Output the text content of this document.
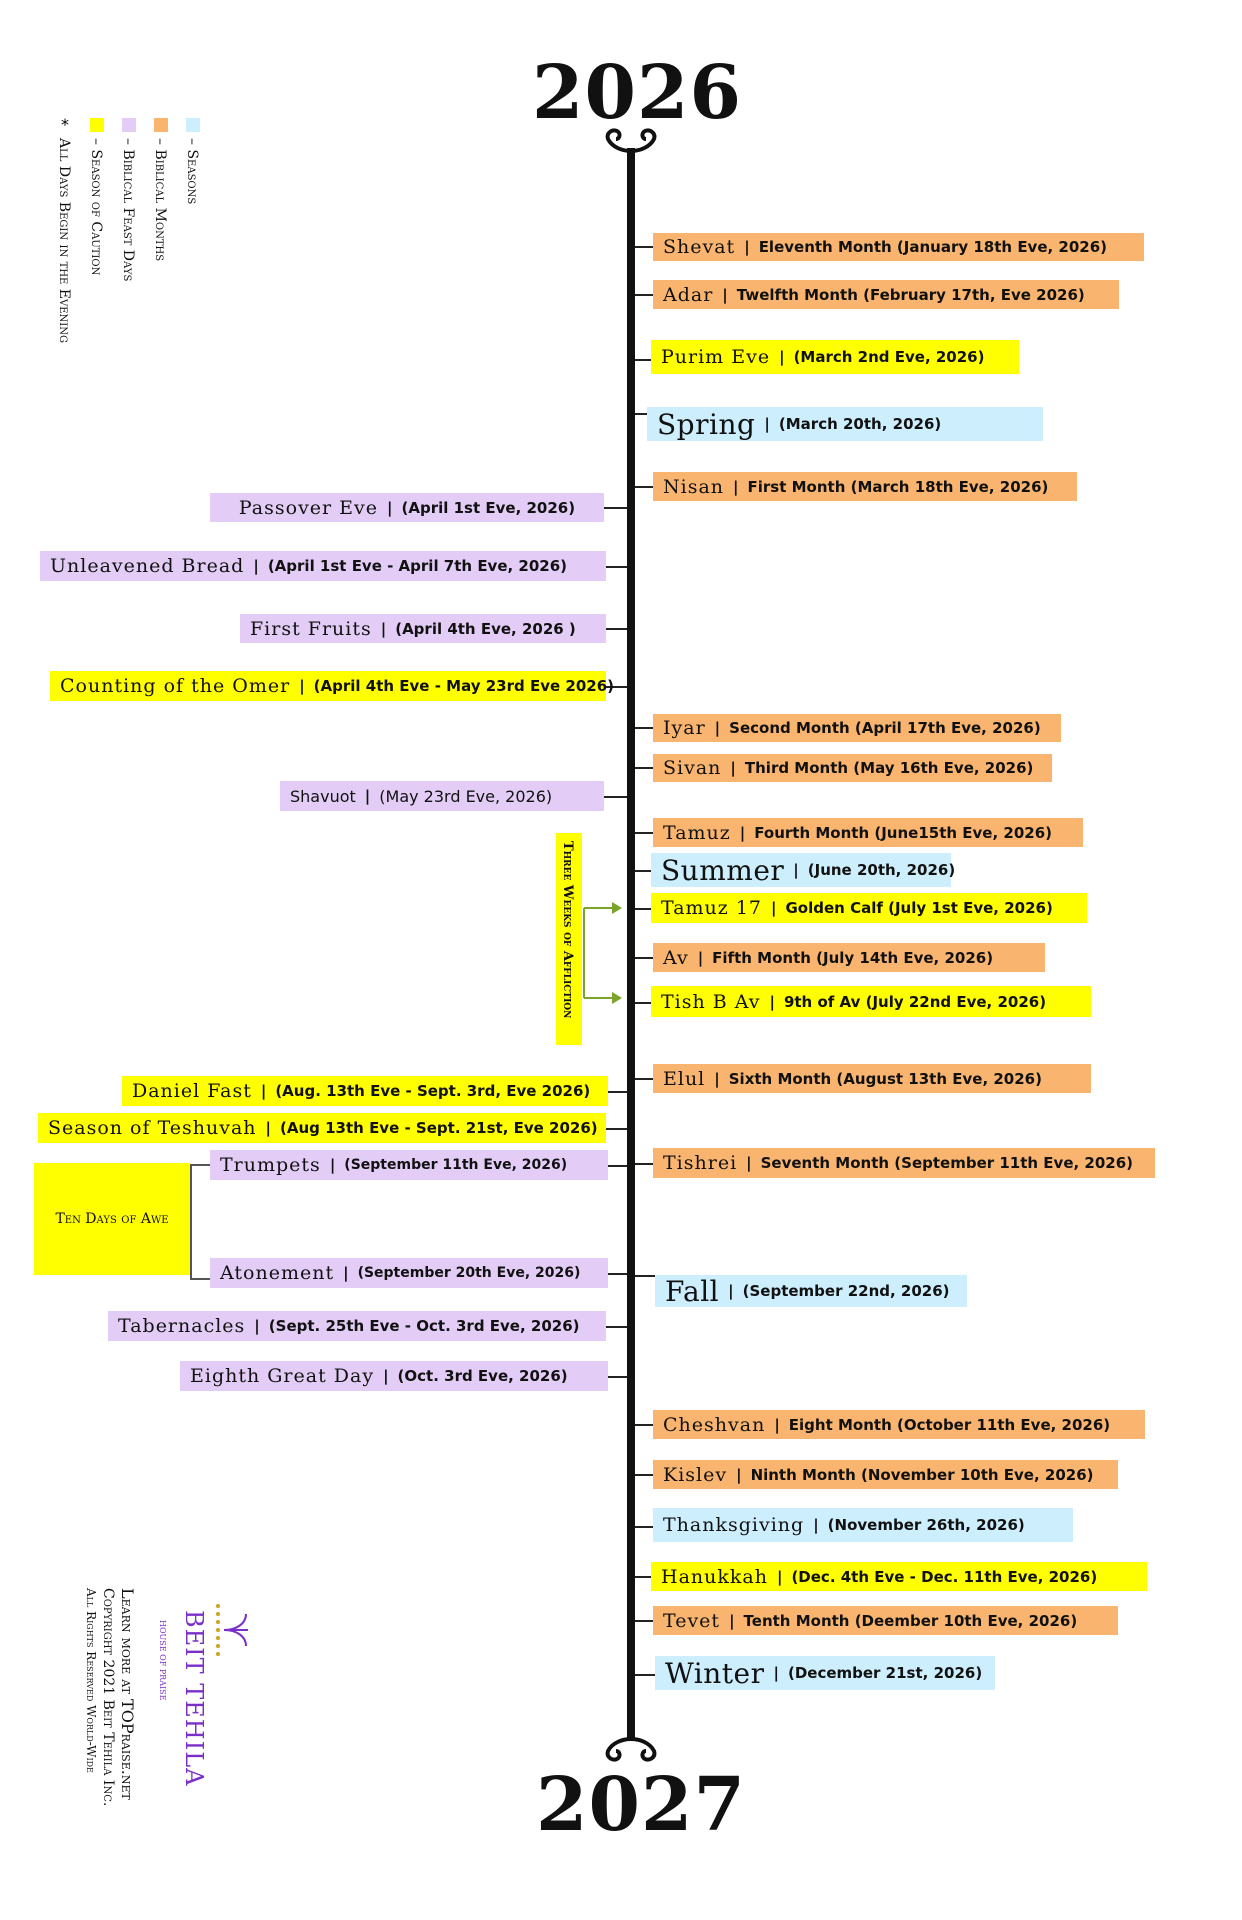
2026
2027
– Seasons
– Biblical Months
– Biblical Feast Days
– Season of Caution
*
All Days Begin in the Evening
Three Weeks of Affliction
Ten Days of Awe
Shevat | Eleventh Month (January 18th Eve, 2026)
Adar | Twelfth Month (February 17th, Eve 2026)
Purim Eve | (March 2nd Eve, 2026)
Spring | (March 20th, 2026)
Nisan | First Month (March 18th Eve, 2026)
Iyar | Second Month (April 17th Eve, 2026)
Sivan | Third Month (May 16th Eve, 2026)
Tamuz | Fourth Month (June15th Eve, 2026)
Summer | (June 20th, 2026)
Tamuz 17 | Golden Calf (July 1st Eve, 2026)
Av | Fifth Month (July 14th Eve, 2026)
Tish B Av | 9th of Av (July 22nd Eve, 2026)
Elul | Sixth Month (August 13th Eve, 2026)
Tishrei | Seventh Month (September 11th Eve, 2026)
Fall | (September 22nd, 2026)
Cheshvan | Eight Month (October 11th Eve, 2026)
Kislev | Ninth Month (November 10th Eve, 2026)
Thanksgiving | (November 26th, 2026)
Hanukkah | (Dec. 4th Eve - Dec. 11th Eve, 2026)
Tevet | Tenth Month (Deember 10th Eve, 2026)
Winter | (December 21st, 2026)
Passover Eve | (April 1st Eve, 2026)
Unleavened Bread | (April 1st Eve - April 7th Eve, 2026)
First Fruits | (April 4th Eve, 2026 )
Counting of the Omer | (April 4th Eve - May 23rd Eve 2026)
Shavuot | (May 23rd Eve, 2026)
Daniel Fast | (Aug. 13th Eve - Sept. 3rd, Eve 2026)
Season of Teshuvah | (Aug 13th Eve - Sept. 21st, Eve 2026)
Trumpets | (September 11th Eve, 2026)
Atonement | (September 20th Eve, 2026)
Tabernacles | (Sept. 25th Eve - Oct. 3rd Eve, 2026)
Eighth Great Day | (Oct. 3rd Eve, 2026)
Learn more at TOPraise.net
Copyright 2021 Beit Tehila Inc.
All Rights Reserved World-Wide	BEIT TEHILA
HOUSE OF PRAISE
